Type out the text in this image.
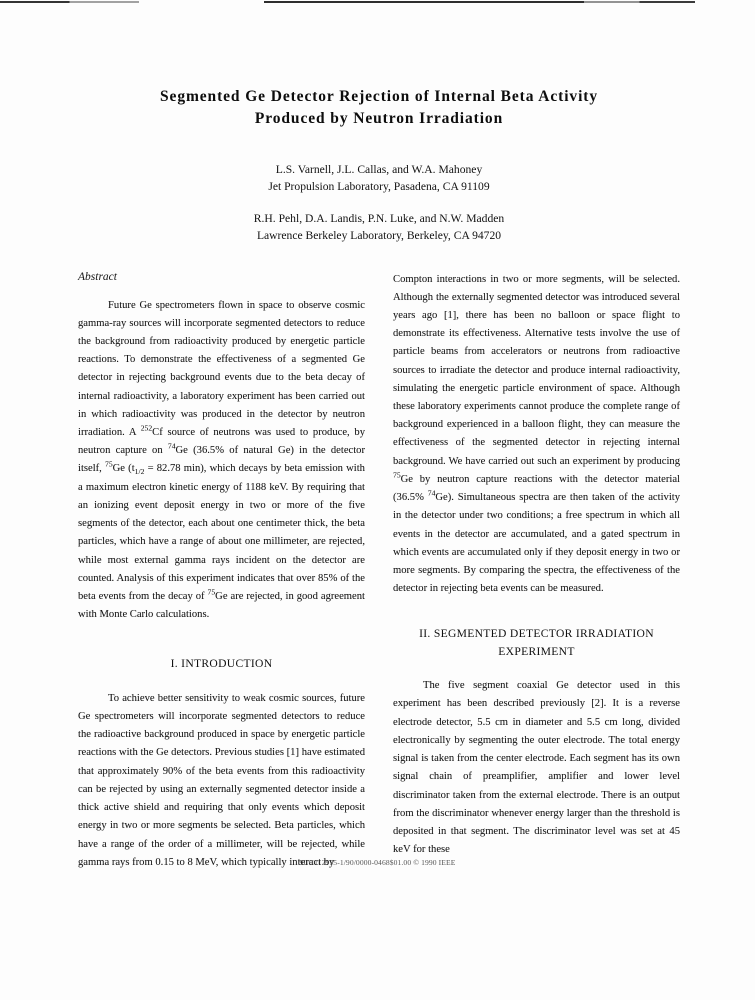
Segmented Ge Detector Rejection of Internal Beta Activity
Produced by Neutron Irradiation
L.S. Varnell, J.L. Callas, and W.A. Mahoney
Jet Propulsion Laboratory, Pasadena, CA 91109
R.H. Pehl, D.A. Landis, P.N. Luke, and N.W. Madden
Lawrence Berkeley Laboratory, Berkeley, CA 94720
Abstract

Future Ge spectrometers flown in space to observe cosmic gamma-ray sources will incorporate segmented detectors to reduce the background from radioactivity produced by energetic particle reactions. To demonstrate the effectiveness of a segmented Ge detector in rejecting background events due to the beta decay of internal radioactivity, a laboratory experiment has been carried out in which radioactivity was produced in the detector by neutron irradiation. A $^{252}$Cf source of neutrons was used to produce, by neutron capture on $^{74}$Ge (36.5% of natural Ge) in the detector itself, $^{75}$Ge ($t_{1/2} = 82.78$ min), which decays by beta emission with a maximum electron kinetic energy of 1188 keV. By requiring that an ionizing event deposit energy in two or more of the five segments of the detector, each about one centimeter thick, the beta particles, which have a range of about one millimeter, are rejected, while most external gamma rays incident on the detector are counted. Analysis of this experiment indicates that over 85% of the beta events from the decay of $^{75}$Ge are rejected, in good agreement with Monte Carlo calculations.

I. INTRODUCTION

To achieve better sensitivity to weak cosmic sources, future Ge spectrometers will incorporate segmented detectors to reduce the radioactive background produced in space by energetic particle reactions with the Ge detectors. Previous studies [1] have estimated that approximately 90% of the beta events from this radioactivity can be rejected by using an externally segmented detector inside a thick active shield and requiring that only events which deposit energy in two or more segments be selected. Beta particles, which have a range of the order of a millimeter, will be rejected, while gamma rays from 0.15 to 8 MeV, which typically interact by

Compton interactions in two or more segments, will be selected. Although the externally segmented detector was introduced several years ago [1], there has been no balloon or space flight to demonstrate its effectiveness. Alternative tests involve the use of particle beams from accelerators or neutrons from radioactive sources to irradiate the detector and produce internal radioactivity, simulating the energetic particle environment of space. Although these laboratory experiments cannot produce the complete range of background experienced in a balloon flight, they can measure the effectiveness of the segmented detector in rejecting internal background. We have carried out such an experiment by producing $^{75}$Ge by neutron capture reactions with the detector material (36.5% $^{74}$Ge). Simultaneous spectra are then taken of the activity in the detector under two conditions; a free spectrum in which all events in the detector are accumulated, and a gated spectrum in which events are accumulated only if they deposit energy in two or more segments. By comparing the spectra, the effectiveness of the detector in rejecting beta events can be measured.

II. SEGMENTED DETECTOR IRRADIATION
EXPERIMENT

The five segment coaxial Ge detector used in this experiment has been described previously [2]. It is a reverse electrode detector, 5.5 cm in diameter and 5.5 cm long, divided electronically by segmenting the outer electrode. The total energy signal is taken from the center electrode. Each segment has its own signal chain of preamplifier, amplifier and lower level discriminator taken from the external electrode. There is an output from the discriminator whenever energy larger than the threshold is deposited in that segment. The discriminator level was set at 45 keV for these

9UC112975-1/90/0000-0468$01.00 © 1990 IEEE
